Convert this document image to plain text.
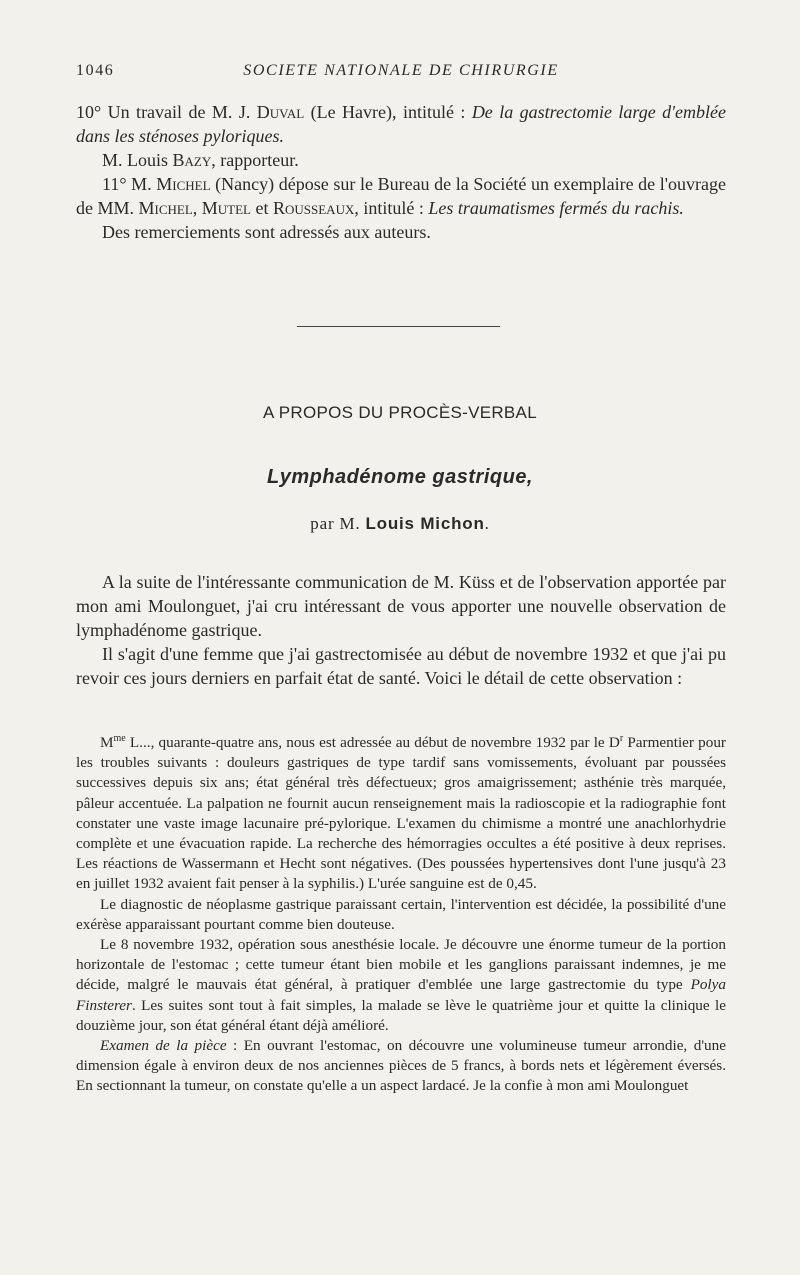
1046	SOCIETE NATIONALE DE CHIRURGIE

10° Un travail de M. J. Duval (Le Havre), intitulé : De la gastrectomie large d'emblée dans les sténoses pyloriques.

M. Louis Bazy, rapporteur.

11° M. Michel (Nancy) dépose sur le Bureau de la Société un exemplaire de l'ouvrage de MM. Michel, Mutel et Rousseaux, intitulé : Les traumatismes fermés du rachis.

Des remerciements sont adressés aux auteurs.

A PROPOS DU PROCÈS-VERBAL
Lymphadénome gastrique,
par M. Louis Michon.

A la suite de l'intéressante communication de M. Küss et de l'observation apportée par mon ami Moulonguet, j'ai cru intéressant de vous apporter une nouvelle observation de lymphadénome gastrique.

Il s'agit d'une femme que j'ai gastrectomisée au début de novembre 1932 et que j'ai pu revoir ces jours derniers en parfait état de santé. Voici le détail de cette observation :

$M^{me}$ L..., quarante-quatre ans, nous est adressée au début de novembre 1932 par le $D^r$ Parmentier pour les troubles suivants : douleurs gastriques de type tardif sans vomissements, évoluant par poussées successives depuis six ans; état général très défectueux; gros amaigrissement; asthénie très marquée, pâleur accentuée. La palpation ne fournit aucun renseignement mais la radioscopie et la radiographie font constater une vaste image lacunaire pré-pylorique. L'examen du chimisme a montré une anachlorhydrie complète et une évacuation rapide. La recherche des hémorragies occultes a été positive à deux reprises. Les réactions de Wassermann et Hecht sont négatives. (Des poussées hypertensives dont l'une jusqu'à 23 en juillet 1932 avaient fait penser à la syphilis.) L'urée sanguine est de 0,45.

Le diagnostic de néoplasme gastrique paraissant certain, l'intervention est décidée, la possibilité d'une exérèse apparaissant pourtant comme bien douteuse.

Le 8 novembre 1932, opération sous anesthésie locale. Je découvre une énorme tumeur de la portion horizontale de l'estomac ; cette tumeur étant bien mobile et les ganglions paraissant indemnes, je me décide, malgré le mauvais état général, à pratiquer d'emblée une large gastrectomie du type Polya Finsterer. Les suites sont tout à fait simples, la malade se lève le quatrième jour et quitte la clinique le douzième jour, son état général étant déjà amélioré.

Examen de la pièce : En ouvrant l'estomac, on découvre une volumineuse tumeur arrondie, d'une dimension égale à environ deux de nos anciennes pièces de 5 francs, à bords nets et légèrement éversés. En sectionnant la tumeur, on constate qu'elle a un aspect lardacé. Je la confie à mon ami Moulonguet
